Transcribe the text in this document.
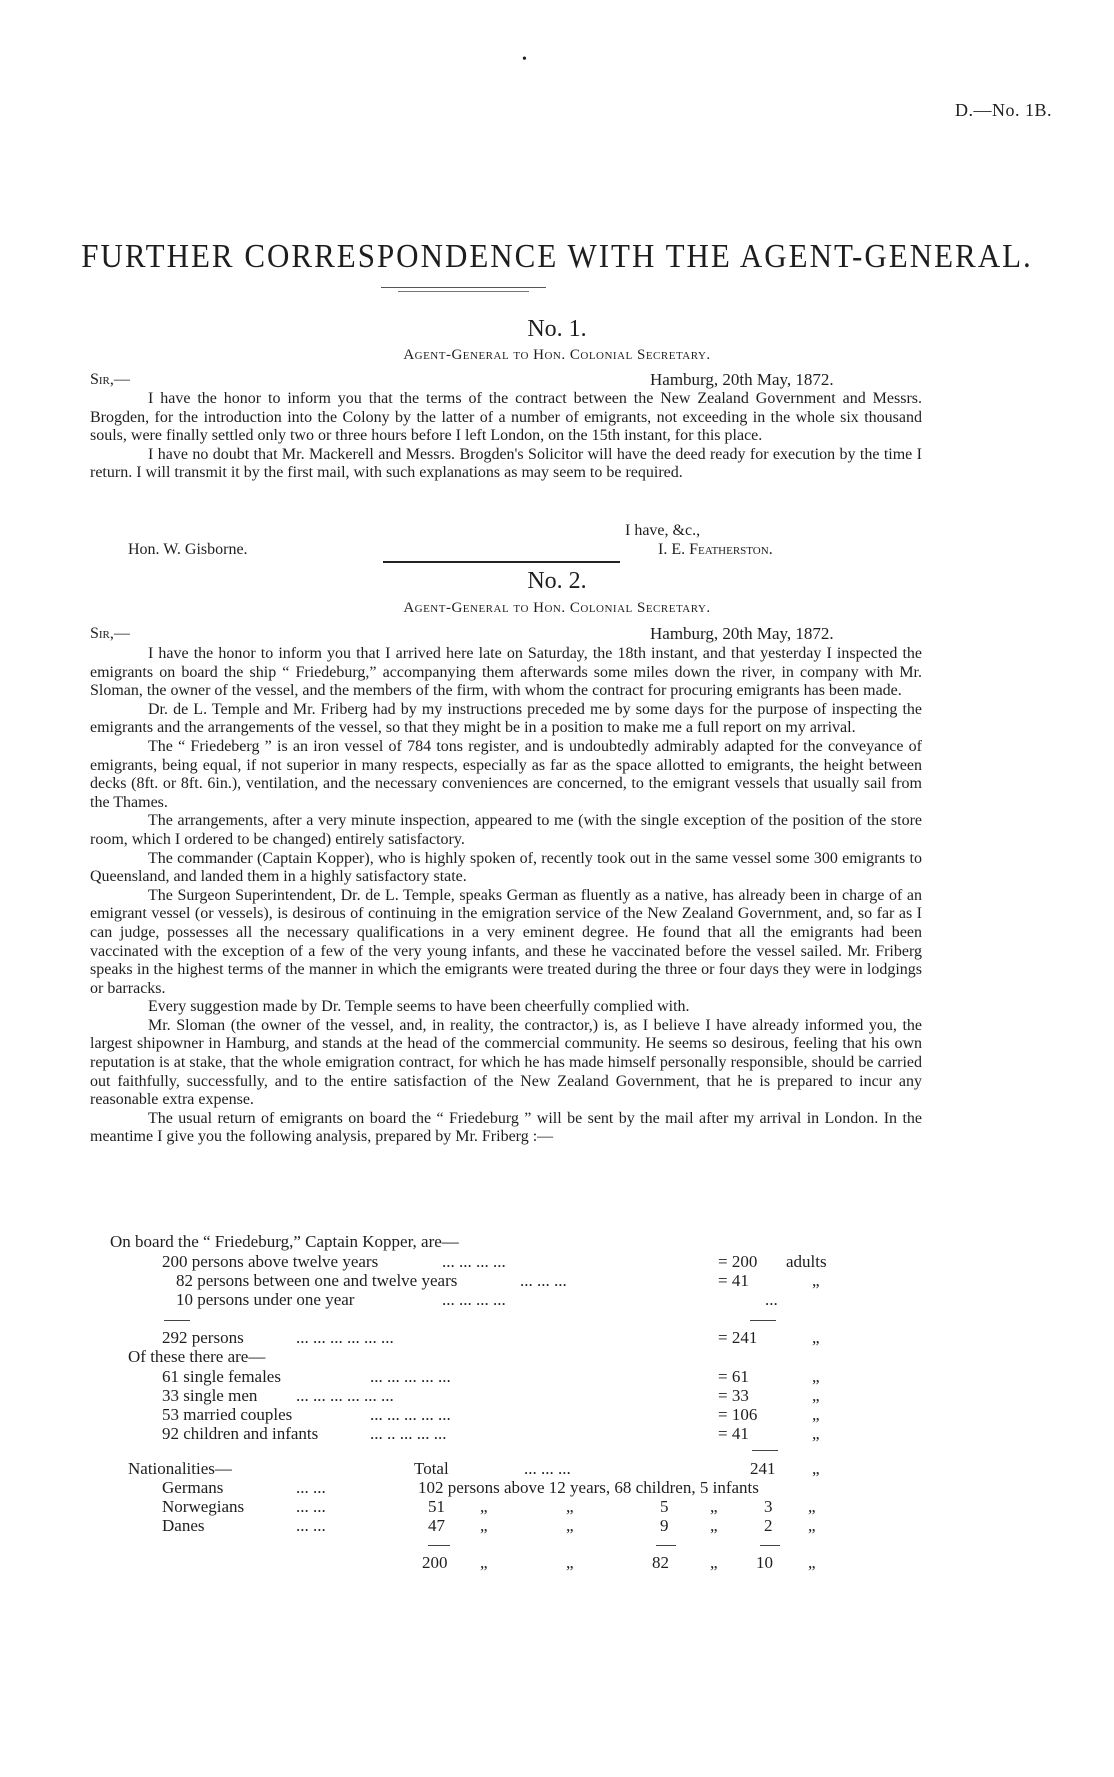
•
D.—No. 1B.
FURTHER CORRESPONDENCE WITH THE AGENT-GENERAL.
No. 1.
Agent-General to Hon. Colonial Secretary.
Sir,—	Hamburg, 20th May, 1872.

I have the honor to inform you that the terms of the contract between the New Zealand Government and Messrs. Brogden, for the introduction into the Colony by the latter of a number of emigrants, not exceeding in the whole six thousand souls, were finally settled only two or three hours before I left London, on the 15th instant, for this place.

I have no doubt that Mr. Mackerell and Messrs. Brogden's Solicitor will have the deed ready for execution by the time I return. I will transmit it by the first mail, with such explanations as may seem to be required.

I have, &c.,
Hon. W. Gisborne.	I. E. Featherston.
No. 2.
Agent-General to Hon. Colonial Secretary.
Sir,—	Hamburg, 20th May, 1872.

I have the honor to inform you that I arrived here late on Saturday, the 18th instant, and that yesterday I inspected the emigrants on board the ship “ Friedeburg,” accompanying them afterwards some miles down the river, in company with Mr. Sloman, the owner of the vessel, and the members of the firm, with whom the contract for procuring emigrants has been made.

Dr. de L. Temple and Mr. Friberg had by my instructions preceded me by some days for the purpose of inspecting the emigrants and the arrangements of the vessel, so that they might be in a position to make me a full report on my arrival.

The “ Friedeberg ” is an iron vessel of 784 tons register, and is undoubtedly admirably adapted for the conveyance of emigrants, being equal, if not superior in many respects, especially as far as the space allotted to emigrants, the height between decks (8ft. or 8ft. 6in.), ventilation, and the necessary conveniences are concerned, to the emigrant vessels that usually sail from the Thames.

The arrangements, after a very minute inspection, appeared to me (with the single exception of the position of the store room, which I ordered to be changed) entirely satisfactory.

The commander (Captain Kopper), who is highly spoken of, recently took out in the same vessel some 300 emigrants to Queensland, and landed them in a highly satisfactory state.

The Surgeon Superintendent, Dr. de L. Temple, speaks German as fluently as a native, has already been in charge of an emigrant vessel (or vessels), is desirous of continuing in the emigration service of the New Zealand Government, and, so far as I can judge, possesses all the necessary qualifications in a very eminent degree. He found that all the emigrants had been vaccinated with the exception of a few of the very young infants, and these he vaccinated before the vessel sailed. Mr. Friberg speaks in the highest terms of the manner in which the emigrants were treated during the three or four days they were in lodgings or barracks.

Every suggestion made by Dr. Temple seems to have been cheerfully complied with.

Mr. Sloman (the owner of the vessel, and, in reality, the contractor,) is, as I believe I have already informed you, the largest shipowner in Hamburg, and stands at the head of the commercial community. He seems so desirous, feeling that his own reputation is at stake, that the whole emigration contract, for which he has made himself personally responsible, should be carried out faithfully, successfully, and to the entire satisfaction of the New Zealand Government, that he is prepared to incur any reasonable extra expense.

The usual return of emigrants on board the “ Friedeburg ” will be sent by the mail after my arrival in London. In the meantime I give you the following analysis, prepared by Mr. Friberg :—

On board the “ Friedeburg,” Captain Kopper, are—
200 persons above twelve years	... ... ... ...	= 200 adults
82 persons between one and twelve years	... ... ...	= 41	„
10 persons under one year	... ... ... ...	...
292 persons	... ... ... ... ... ...	= 241	„
Of these there are—
61 single females	... ... ... ... ...	= 61	„
33 single men ... ... ... ... ... ...	= 33	„
53 married couples	... ... ... ... ...	= 106	„
92 children and infants	... .. ... ... ...	= 41	„
Nationalities—	Total	... ... ...	241 „
Germans	... ...	102 persons above 12 years, 68 children, 5 infants
Norwegians	... ...	51 „	„	5 „	3 „
Danes	... ...	47 „	„	9 „	2 „
200 „	„	82 „ 10 „
